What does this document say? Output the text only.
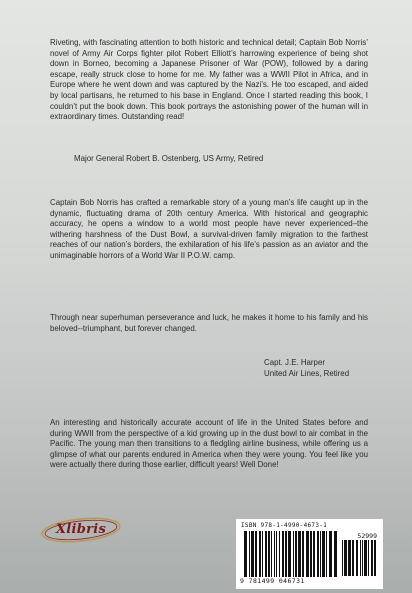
Riveting, with fascinating attention to both historic and technical detail; Captain Bob Norris’ novel of Army Air Corps fighter pilot Robert Elliott’s harrowing experience of being shot down in Borneo, becoming a Japanese Prisoner of War (POW), followed by a daring escape, really struck close to home for me. My father was a WWII Pilot in Africa, and in Europe where he went down and was captured by the Nazi’s. He too escaped, and aided by local partisans, he returned to his base in England. Once I started reading this book, I couldn’t put the book down. This book portrays the astonishing power of the human will in extraordinary times. Outstanding read!

Major General Robert B. Ostenberg, US Army, Retired

Captain Bob Norris has crafted a remarkable story of a young man’s life caught up in the dynamic, fluctuating drama of 20th century America. With historical and geographic accuracy, he opens a window to a world most people have never experienced–the withering harshness of the Dust Bowl, a survival-driven family migration to the farthest reaches of our nation’s borders, the exhilaration of his life’s passion as an aviator and the unimaginable horrors of a World War II P.O.W. camp.

Through near superhuman perseverance and luck, he makes it home to his family and his beloved--triumphant, but forever changed.

Capt. J.E. Harper

United Air Lines, Retired

An interesting and historically accurate account of life in the United States before and during WWII from the perspective of a kid growing up in the dust bowl to air combat in the Pacific. The young man then transitions to a fledgling airline business, while offering us a glimpse of what our parents endured in America when they were young. You feel like you were actually there during those earlier, difficult years! Well Done!

Xlibris	ISBN 978-1-4990-4673-1
52999
9 781499 046731
